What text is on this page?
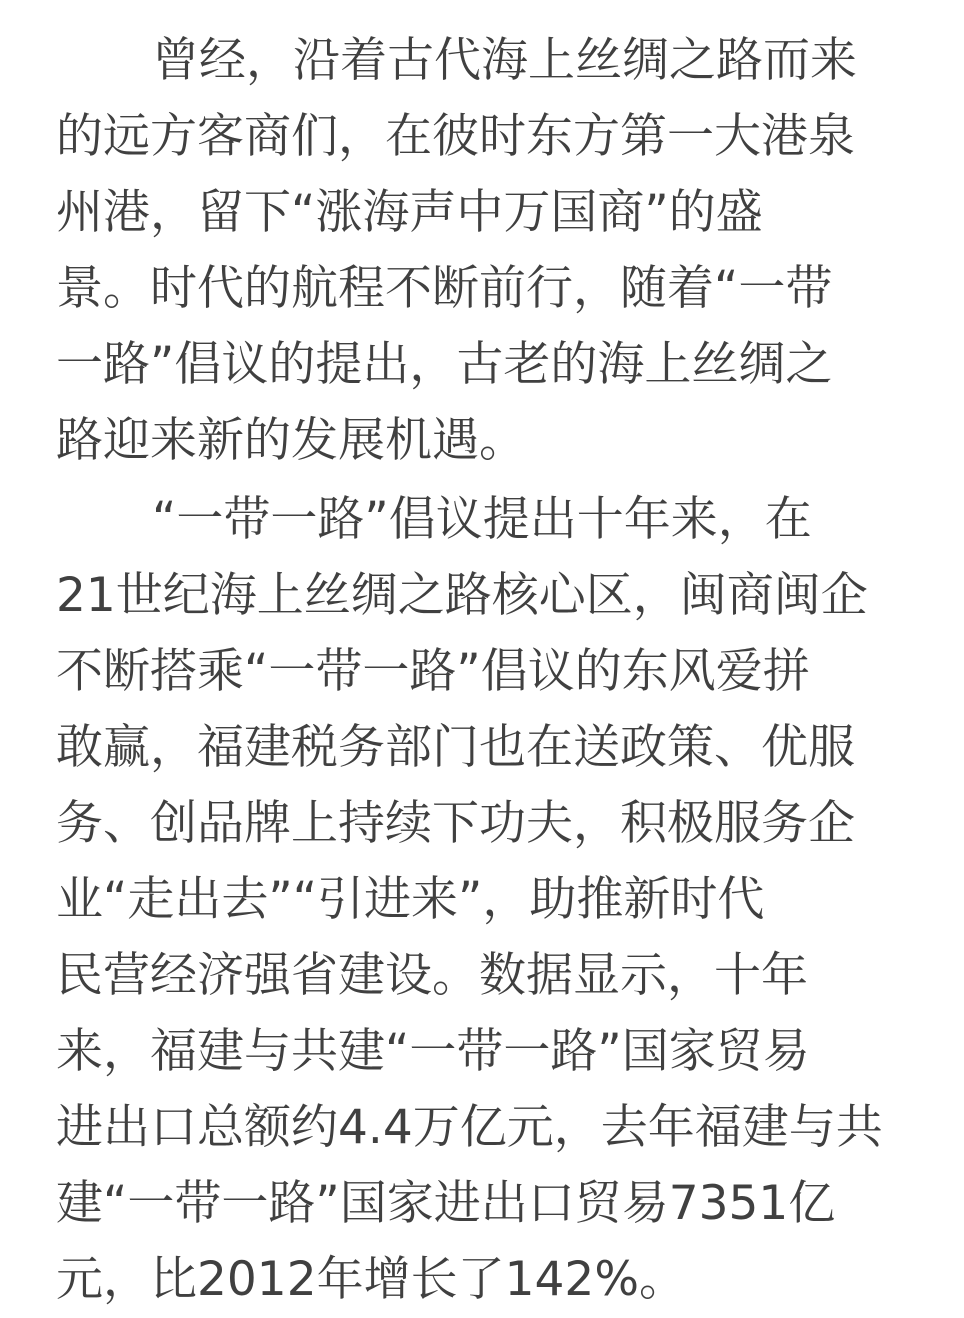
曾经，沿着古代海上丝绸之路而来
的远方客商们，在彼时东方第一大港泉
州港，留下“涨海声中万国商”的盛
景。时代的航程不断前行，随着“一带
一路”倡议的提出，古老的海上丝绸之
路迎来新的发展机遇。
“一带一路”倡议提出十年来，在
21世纪海上丝绸之路核心区，闽商闽企
不断搭乘“一带一路”倡议的东风爱拼
敢赢，福建税务部门也在送政策、优服
务、创品牌上持续下功夫，积极服务企
业“走出去”“引进来”，助推新时代
民营经济强省建设。数据显示，十年
来，福建与共建“一带一路”国家贸易
进出口总额约4.4万亿元，去年福建与共
建“一带一路”国家进出口贸易7351亿
元，比2012年增长了142%。
